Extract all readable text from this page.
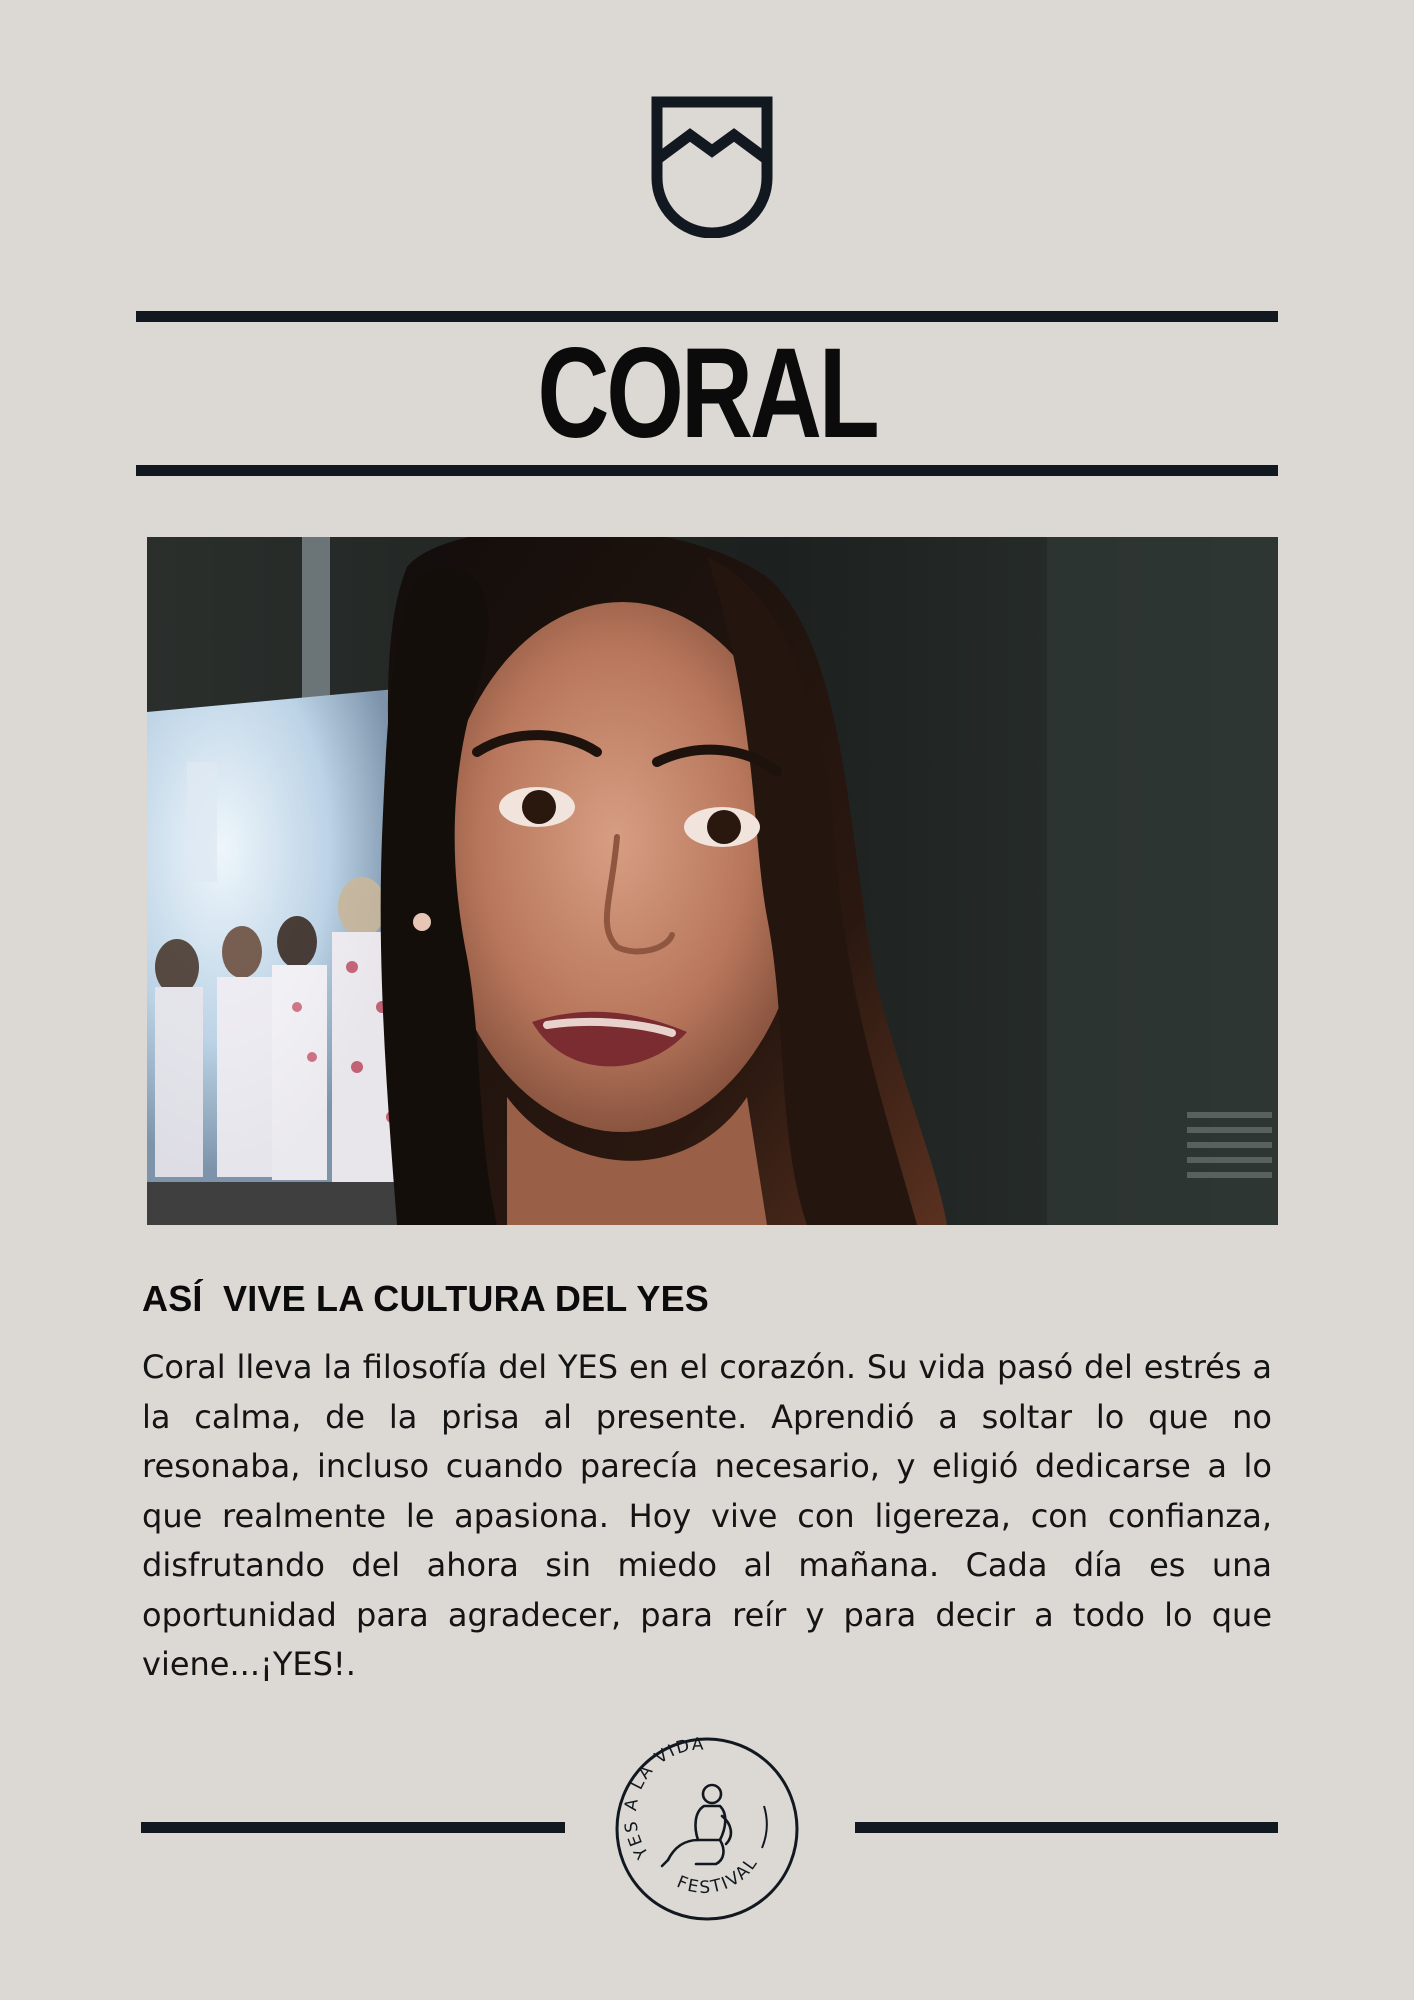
CORAL
ASÍ  VIVE LA CULTURA DEL YES

Coral lleva la filosofía del YES en el corazón. Su vida pasó del estrés a la calma, de la prisa al presente. Aprendió a soltar lo que no resonaba, incluso cuando parecía necesario, y eligió dedicarse a lo que realmente le apasiona. Hoy vive con ligereza, con confianza, disfrutando del ahora sin miedo al mañana. Cada día es una oportunidad para agradecer, para reír y para decir a todo lo que viene...¡YES!.

YES A LA VIDA
FESTIVAL
